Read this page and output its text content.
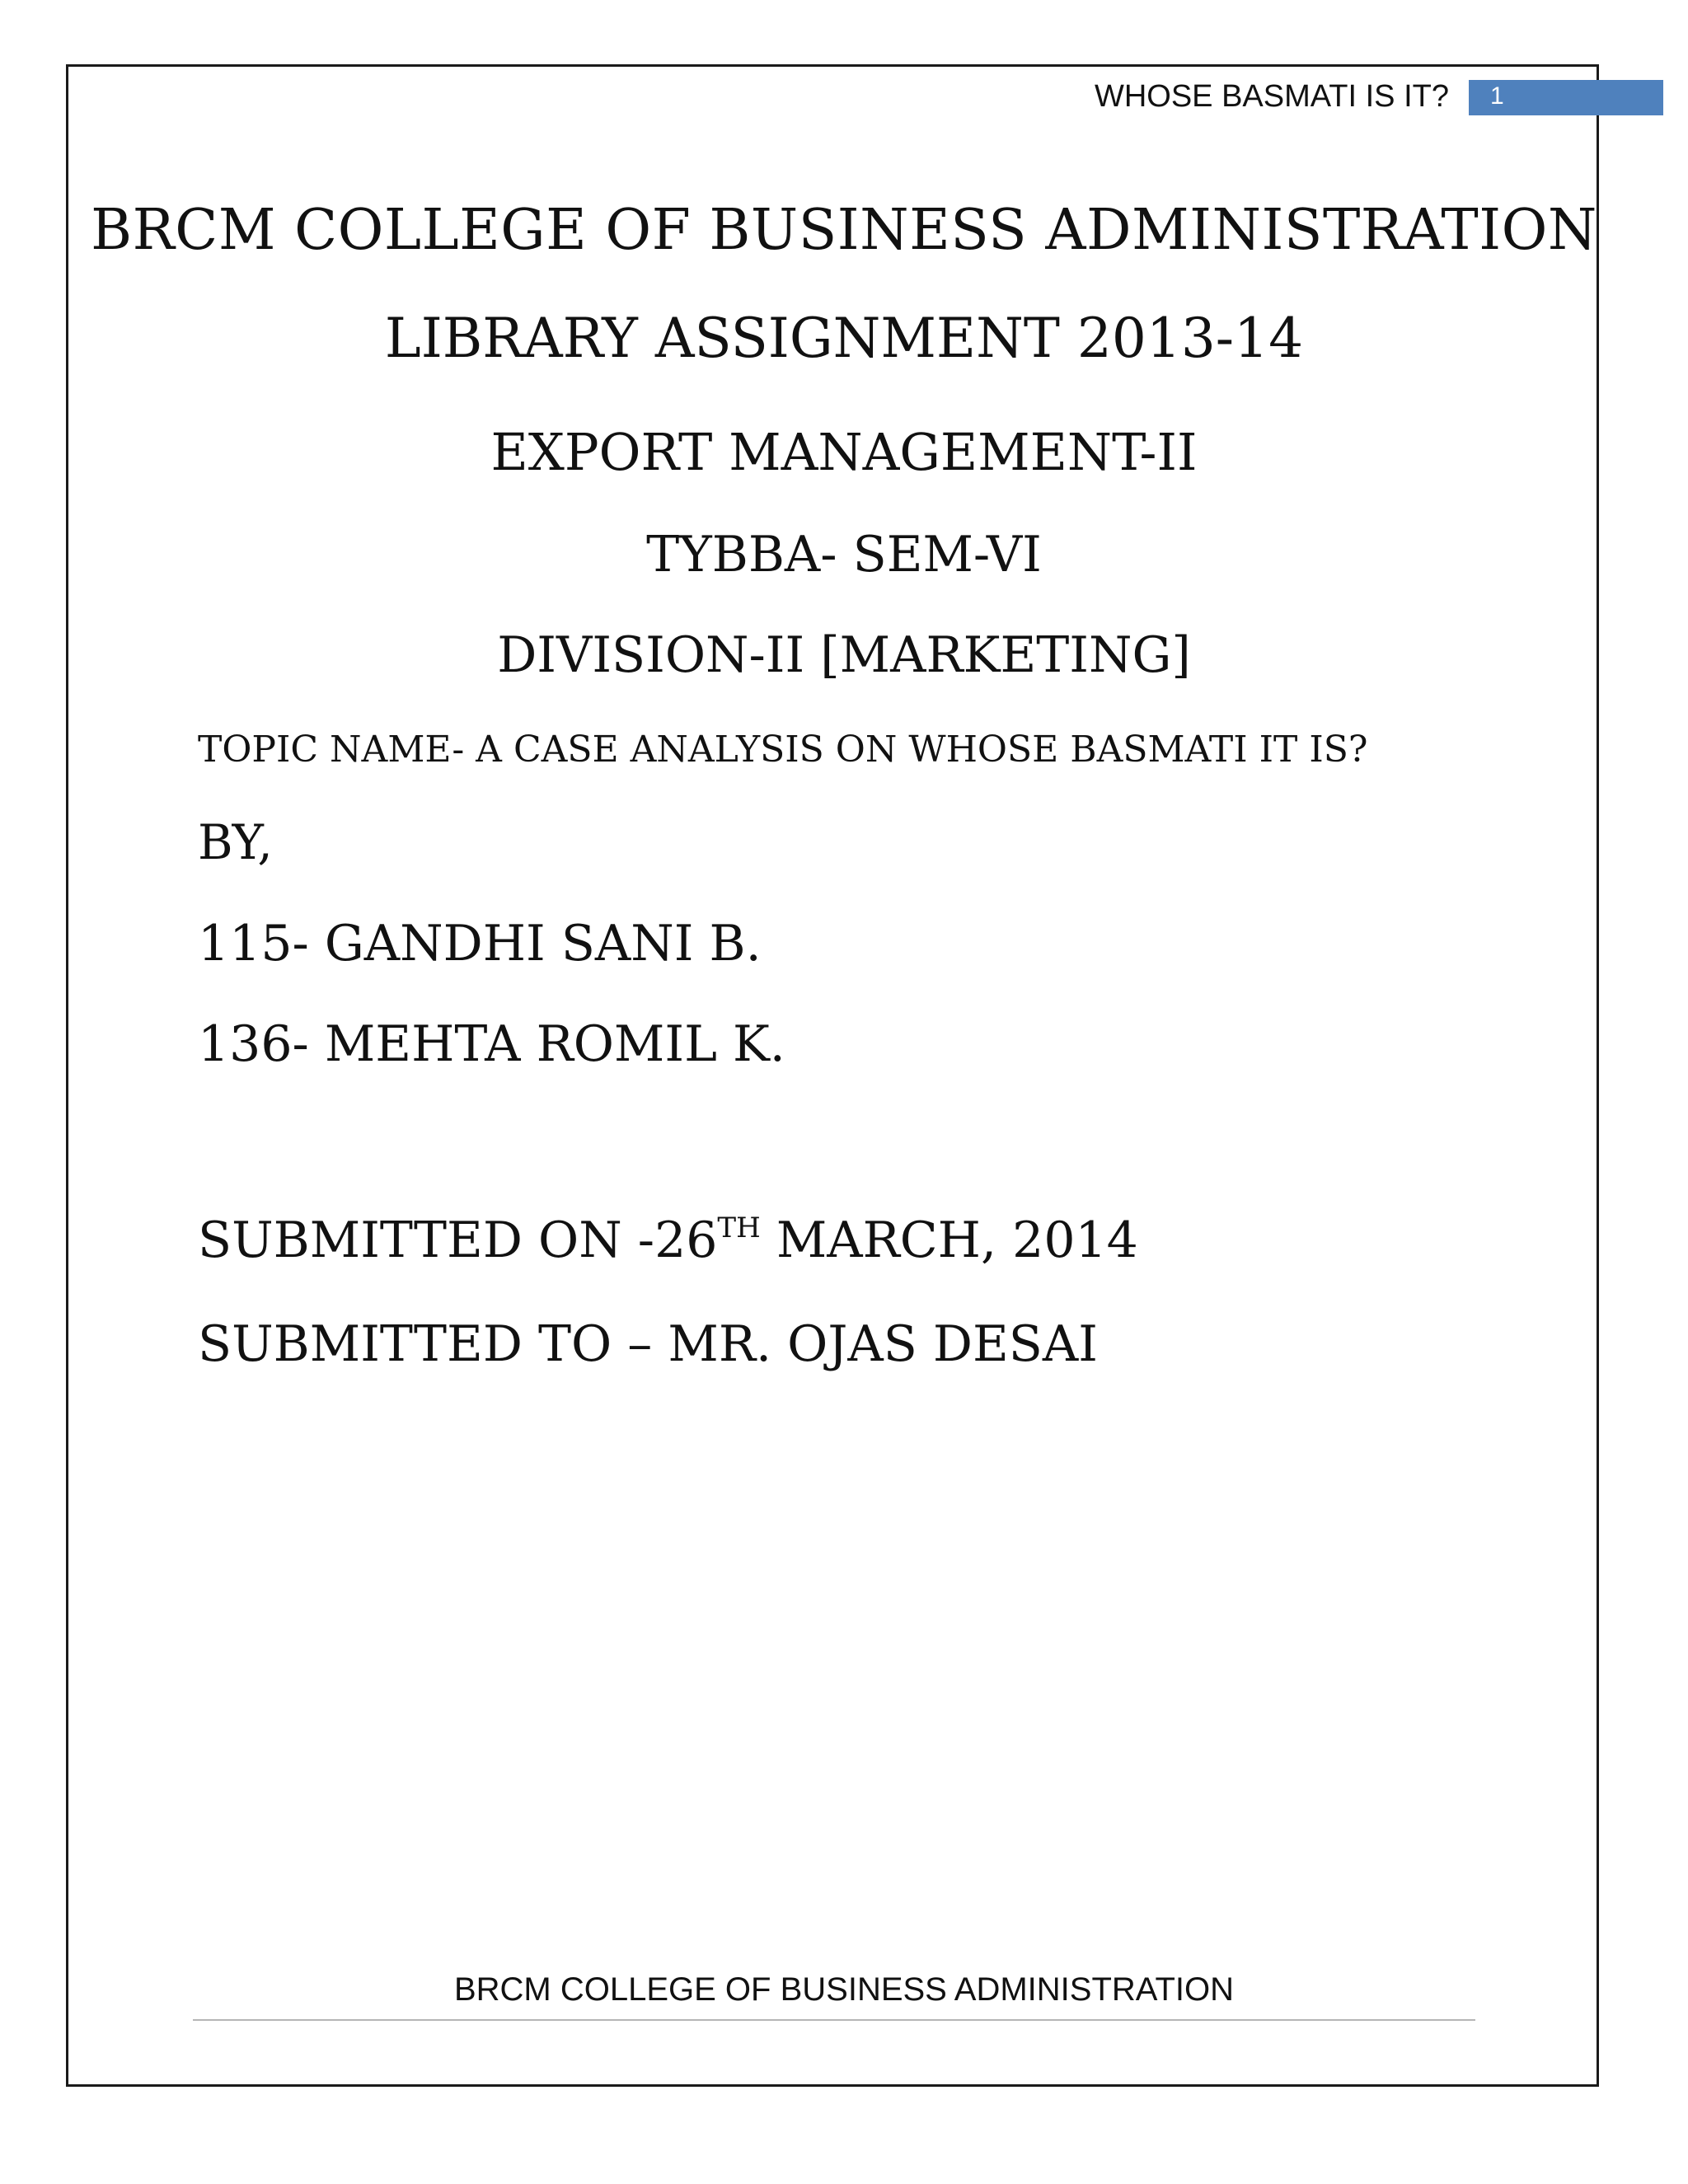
WHOSE BASMATI IS IT? 1
BRCM COLLEGE OF BUSINESS ADMINISTRATION
LIBRARY ASSIGNMENT 2013-14
EXPORT MANAGEMENT-II
TYBBA- SEM-VI
DIVISION-II [MARKETING]
TOPIC NAME- A CASE ANALYSIS ON WHOSE BASMATI IT IS?
BY,
115- GANDHI SANI B.
136- MEHTA ROMIL K.
SUBMITTED ON -26TH MARCH, 2014
SUBMITTED TO – MR. OJAS DESAI
BRCM COLLEGE OF BUSINESS ADMINISTRATION
